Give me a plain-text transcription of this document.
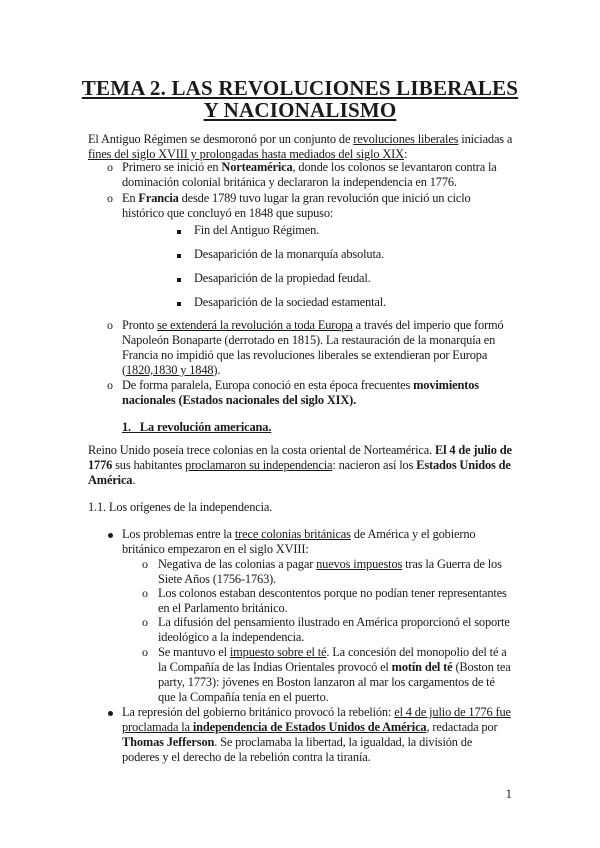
TEMA 2. LAS REVOLUCIONES LIBERALES
Y NACIONALISMO
El Antiguo Régimen se desmoronó por un conjunto de revoluciones liberales iniciadas a
fines del siglo XVIII y prolongadas hasta mediados del siglo XIX:
o Primero se inició en Norteamérica, donde los colonos se levantaron contra la
dominación colonial británica y declararon la independencia en 1776.
o En Francia desde 1789 tuvo lugar la gran revolución que inició un ciclo
histórico que concluyó en 1848 que supuso:
Fin del Antiguo Régimen.
Desaparición de la monarquía absoluta.
Desaparición de la propiedad feudal.
Desaparición de la sociedad estamental.
o Pronto se extenderá la revolución a toda Europa a través del imperio que formó
Napoleón Bonaparte (derrotado en 1815). La restauración de la monarquía en
Francia no impidió que las revoluciones liberales se extendieran por Europa
(1820,1830 y 1848).
o De forma paralela, Europa conoció en esta época frecuentes movimientos
nacionales (Estados nacionales del siglo XIX).
1. La revolución americana.
Reino Unido poseía trece colonias en la costa oriental de Norteamérica. El 4 de julio de
1776 sus habitantes proclamaron su independencia: nacieron así los Estados Unidos de
América.
1.1. Los orígenes de la independencia.
Los problemas entre la trece colonias británicas de América y el gobierno
británico empezaron en el siglo XVIII:
o Negativa de las colonias a pagar nuevos impuestos tras la Guerra de los
Siete Años (1756-1763).
o Los colonos estaban descontentos porque no podían tener representantes
en el Parlamento británico.
o La difusión del pensamiento ilustrado en América proporcionó el soporte
ideológico a la independencia.
o Se mantuvo el impuesto sobre el té. La concesión del monopolio del té a
la Compañía de las Indias Orientales provocó el motín del té (Boston tea
party, 1773): jóvenes en Boston lanzaron al mar los cargamentos de té
que la Compañía tenía en el puerto.
La represión del gobierno británico provocó la rebelión: el 4 de julio de 1776 fue
proclamada la independencia de Estados Unidos de América, redactada por
Thomas Jefferson. Se proclamaba la libertad, la igualdad, la división de
poderes y el derecho de la rebelión contra la tiranía.
1
